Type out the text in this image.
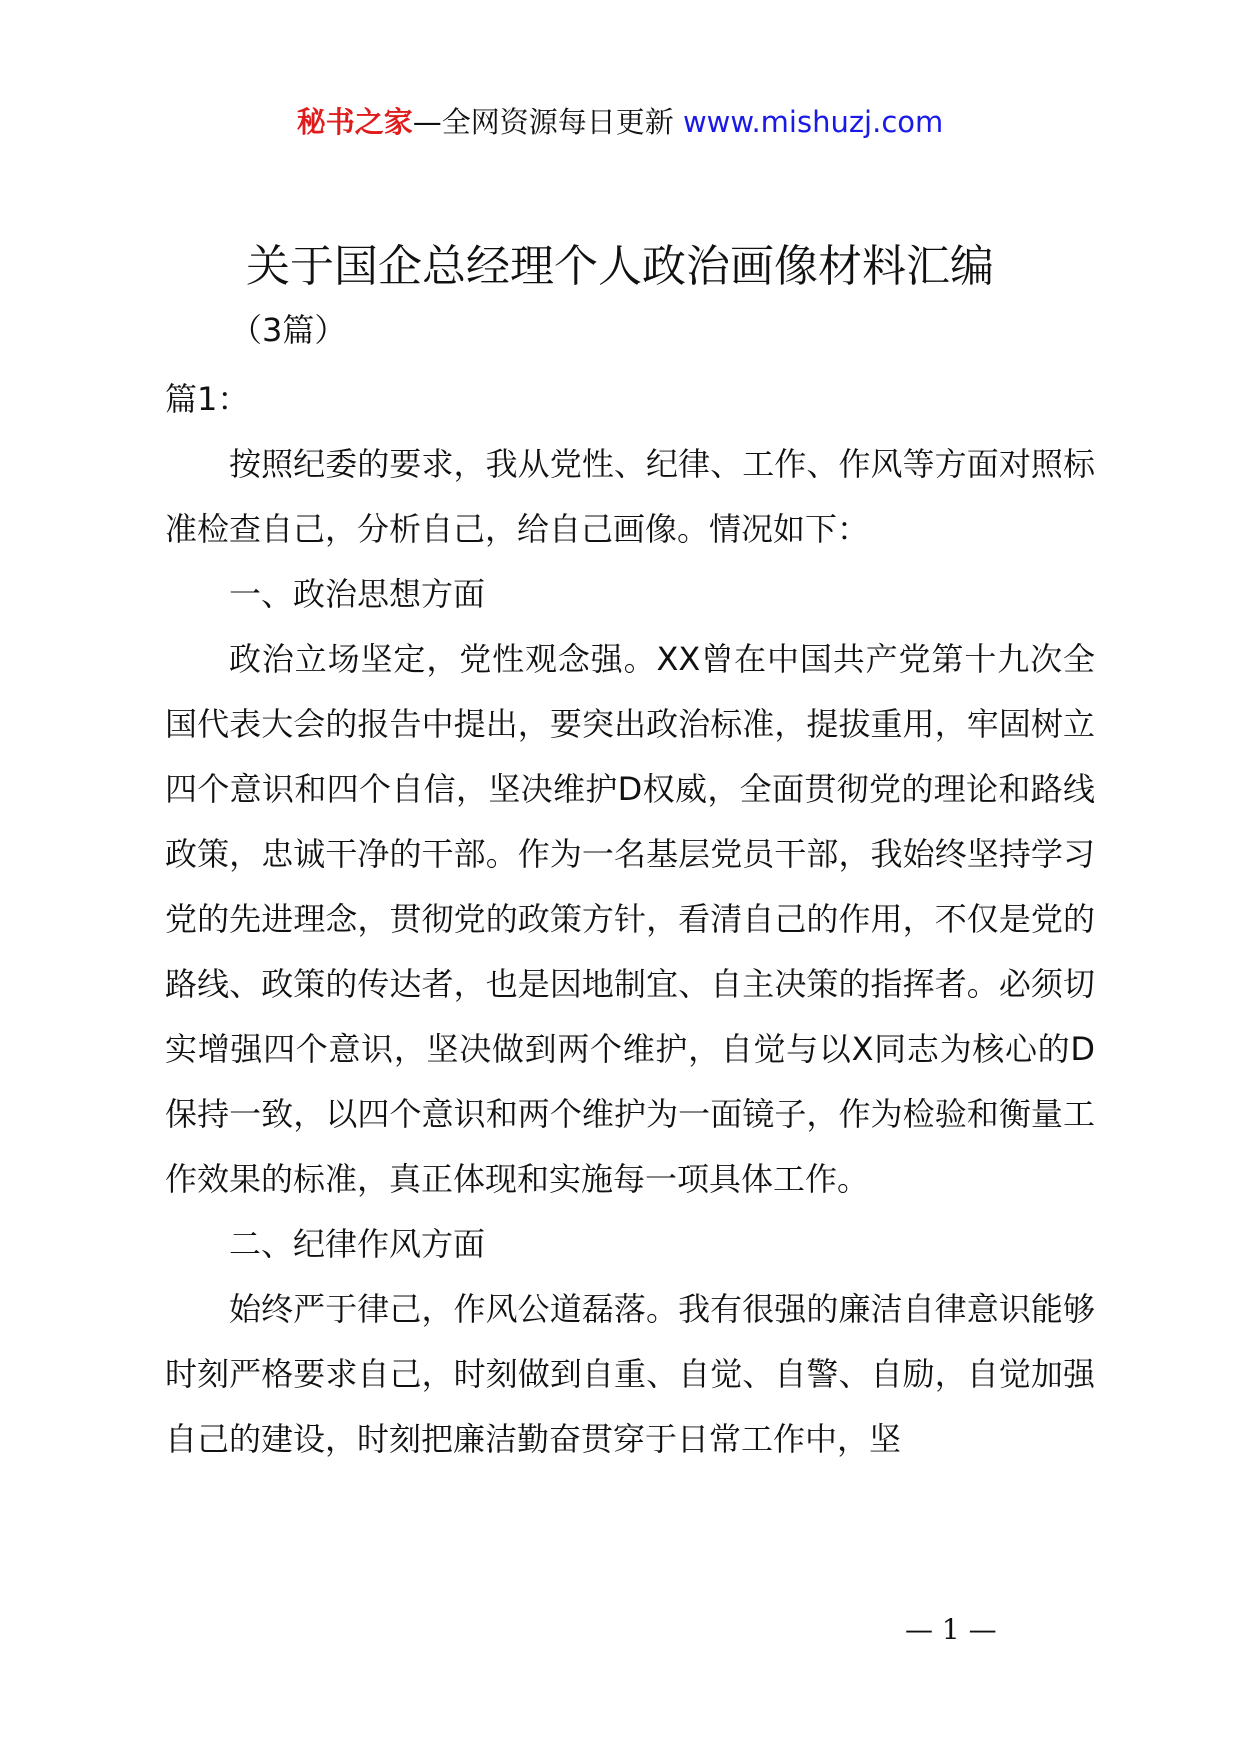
秘书之家—全网资源每日更新 www.mishuzj.com
关于国企总经理个人政治画像材料汇编

（3篇）

篇1：

按照纪委的要求，我从党性、纪律、工作、作风等方面对照标准检查自己，分析自己，给自己画像。情况如下：

一、政治思想方面

政治立场坚定，党性观念强。XX曾在中国共产党第十九次全国代表大会的报告中提出，要突出政治标准，提拔重用，牢固树立四个意识和四个自信，坚决维护D权威，全面贯彻党的理论和路线政策，忠诚干净的干部。作为一名基层党员干部，我始终坚持学习党的先进理念，贯彻党的政策方针，看清自己的作用，不仅是党的路线、政策的传达者，也是因地制宜、自主决策的指挥者。必须切实增强四个意识，坚决做到两个维护，自觉与以X同志为核心的D保持一致，以四个意识和两个维护为一面镜子，作为检验和衡量工作效果的标准，真正体现和实施每一项具体工作。

二、纪律作风方面

始终严于律己，作风公道磊落。我有很强的廉洁自律意识能够时刻严格要求自己，时刻做到自重、自觉、自警、自励，自觉加强自己的建设，时刻把廉洁勤奋贯穿于日常工作中，坚

— 1 —
